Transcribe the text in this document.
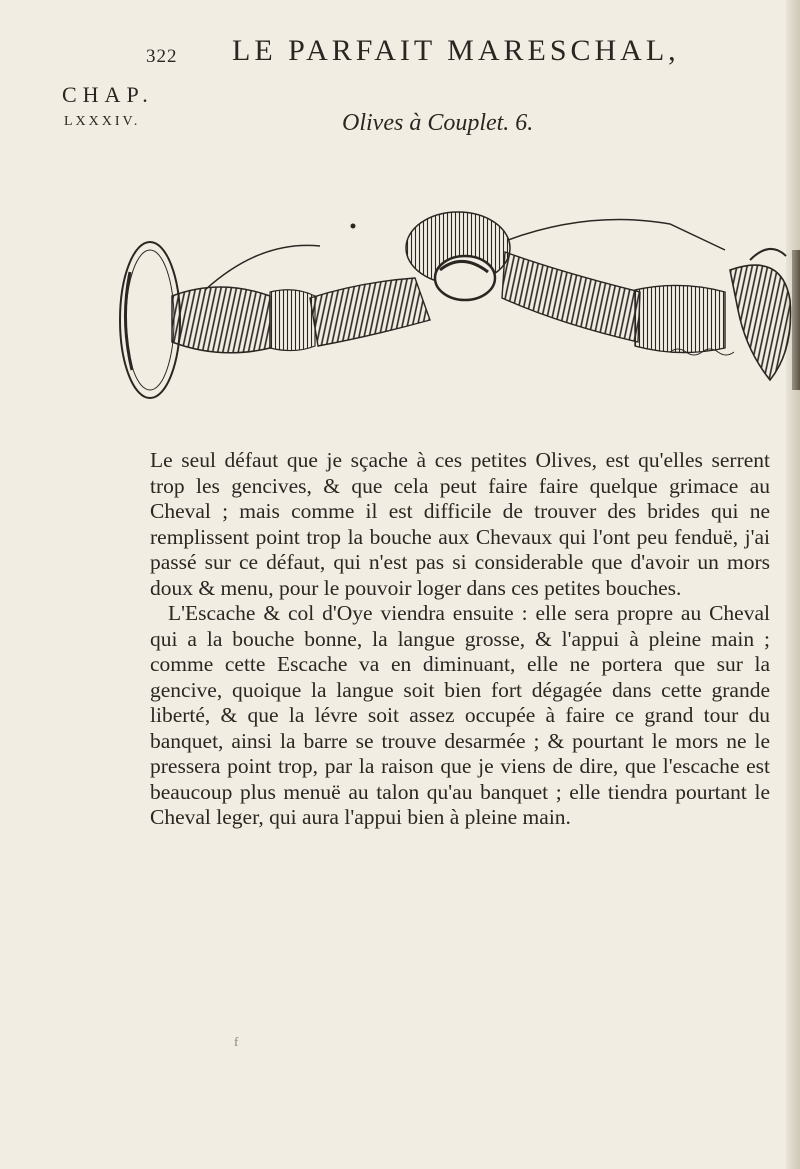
322 LE PARFAIT MARESCHAL,
CHAP.
LXXXIV.	Olives à Couplet. 6.

Le seul défaut que je sçache à ces petites Olives, est qu'elles serrent trop les gencives, & que cela peut faire faire quelque grimace au Cheval ; mais comme il est difficile de trouver des brides qui ne remplissent point trop la bouche aux Chevaux qui l'ont peu fenduë, j'ai passé sur ce défaut, qui n'est pas si considerable que d'avoir un mors doux & menu, pour le pouvoir loger dans ces petites bouches.

L'Escache & col d'Oye viendra ensuite : elle sera propre au Cheval qui a la bouche bonne, la langue grosse, & l'appui à pleine main ; comme cette Escache va en diminuant, elle ne portera que sur la gencive, quoique la langue soit bien fort dégagée dans cette grande liberté, & que la lévre soit assez occupée à faire ce grand tour du banquet, ainsi la barre se trouve desarmée ; & pourtant le mors ne le pressera point trop, par la raison que je viens de dire, que l'escache est beaucoup plus menuë au talon qu'au banquet ; elle tiendra pourtant le Cheval leger, qui aura l'appui bien à pleine main.

f
